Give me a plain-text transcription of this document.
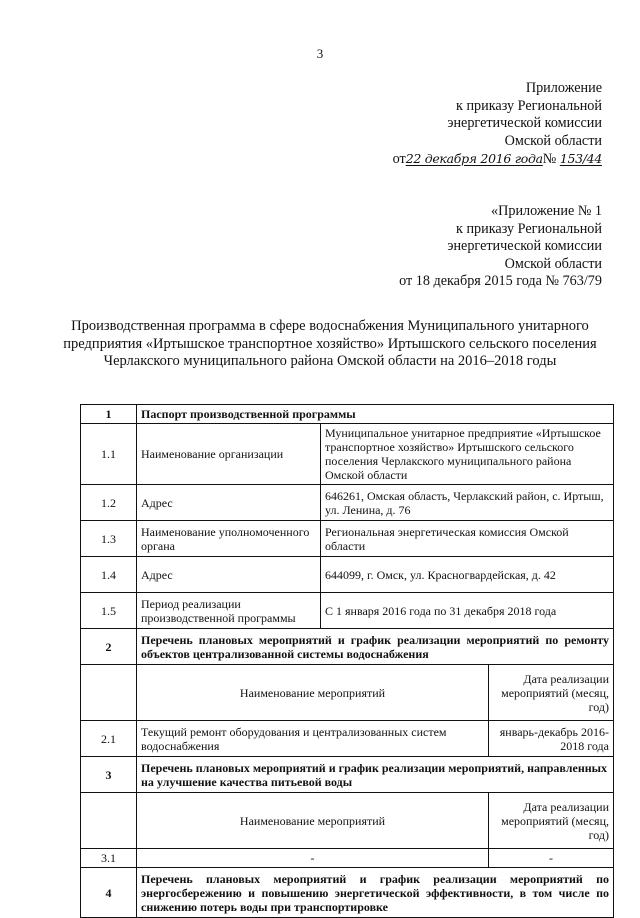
3
Приложение
к приказу Региональной
энергетической комиссии
Омской области
от22 декабря 2016 года№ 153/44
«Приложение № 1
к приказу Региональной
энергетической комиссии
Омской области
от 18 декабря 2015 года № 763/79
Производственная программа в сфере водоснабжения Муниципального унитарного предприятия «Иртышское транспортное хозяйство» Иртышского сельского поселения Черлакского муниципального района Омской области на 2016–2018 годы
1	Паспорт производственной программы		
1.1	Наименование организации	Муниципальное унитарное предприятие «Иртышское транспортное хозяйство» Иртышского сельского поселения Черлакского муниципального района Омской области	
1.2	Адрес	646261, Омская область, Черлакский район, с. Иртыш, ул. Ленина, д. 76	
1.3	Наименование уполномоченного органа	Региональная энергетическая комиссия Омской области	
1.4	Адрес	644099, г. Омск, ул. Красногвардейская, д. 42	
1.5	Период реализации производственной программы	С 1 января 2016 года по 31 декабря 2018 года	
2	Перечень плановых мероприятий и график реализации мероприятий по ремонту объектов централизованной системы водоснабжения		
	Наименование мероприятий		Дата реализации мероприятий (месяц, год)
2.1	Текущий ремонт оборудования и централизованных систем водоснабжения		январь-декабрь 2016-2018 года
3	Перечень плановых мероприятий и график реализации мероприятий, направленных на улучшение качества питьевой воды		
	Наименование мероприятий		Дата реализации мероприятий (месяц, год)
3.1	-		-
4	Перечень плановых мероприятий и график реализации мероприятий по энергосбережению и повышению энергетической эффективности, в том числе по снижению потерь воды при транспортировке		
